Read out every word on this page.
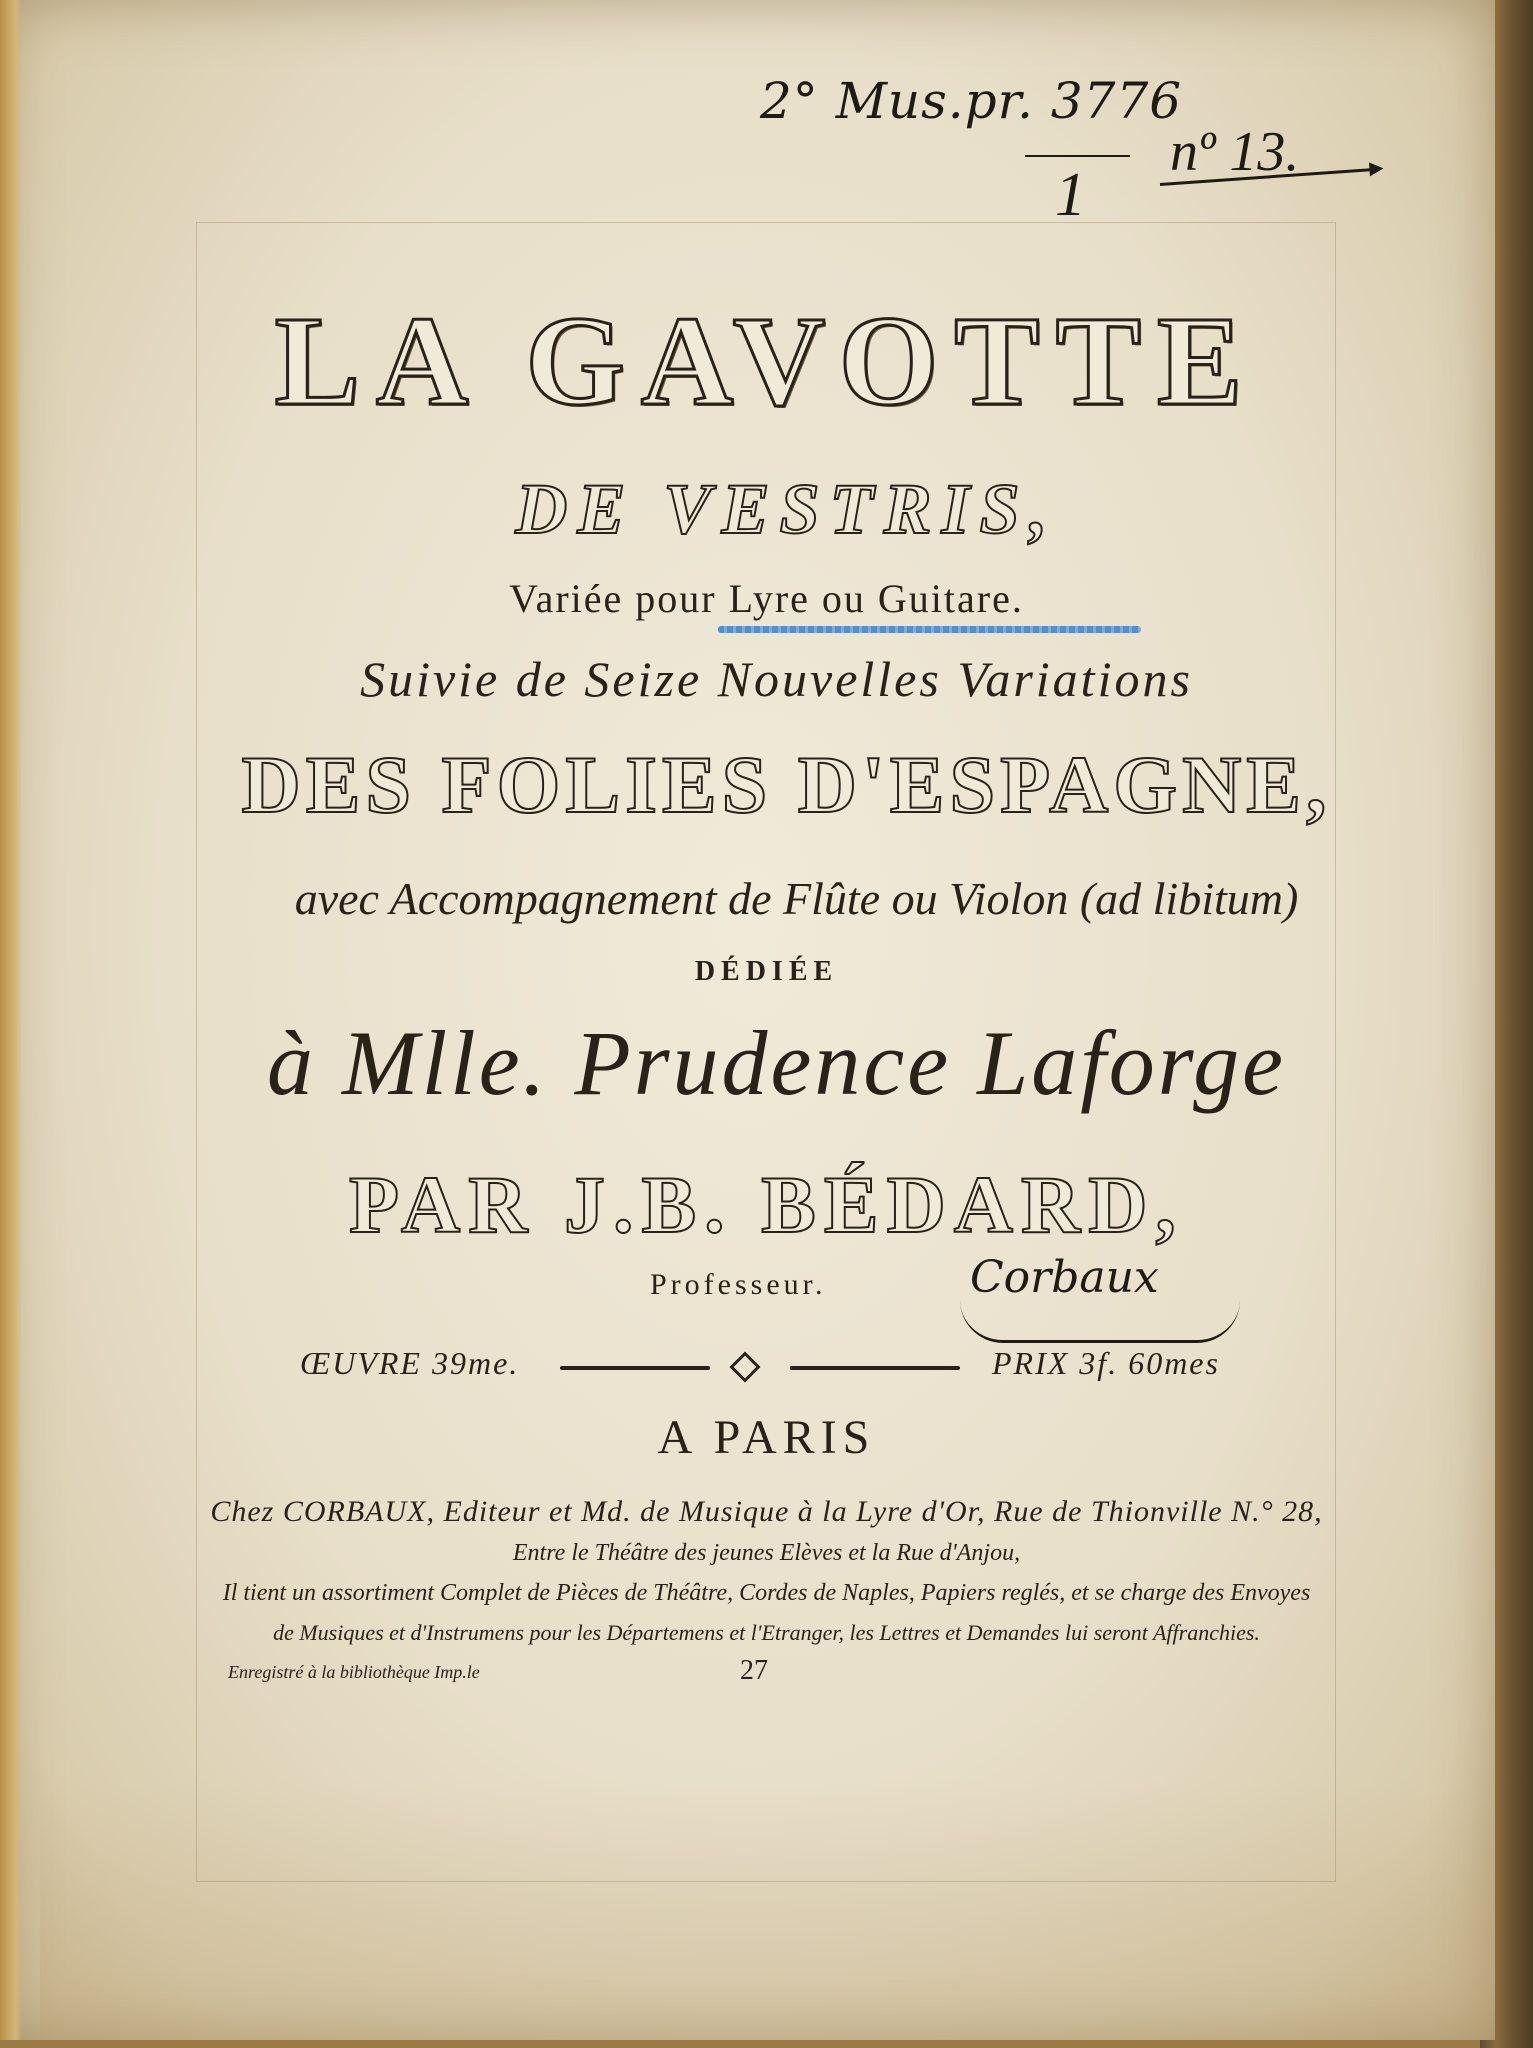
2° Mus.pr. 3776
1
nº 13.
LA GAVOTTE
DE VESTRIS,
Variée pour Lyre ou Guitare.
Suivie de Seize Nouvelles Variations
DES FOLIES D'ESPAGNE,
avec Accompagnement de Flûte ou Violon (ad libitum)
DÉDIÉE
à Mlle. Prudence Laforge
PAR J.B. BÉDARD,
Professeur.	Corbaux
ŒUVRE 39me.	PRIX 3f. 60mes
A PARIS
Chez CORBAUX, Editeur et Md. de Musique à la Lyre d'Or, Rue de Thionville N.° 28,
Entre le Théâtre des jeunes Elèves et la Rue d'Anjou,
Il tient un assortiment Complet de Pièces de Théâtre, Cordes de Naples, Papiers reglés, et se charge des Envoyes
de Musiques et d'Instrumens pour les Départemens et l'Etranger, les Lettres et Demandes lui seront Affranchies.
Enregistré à la bibliothèque Imp.le	27
